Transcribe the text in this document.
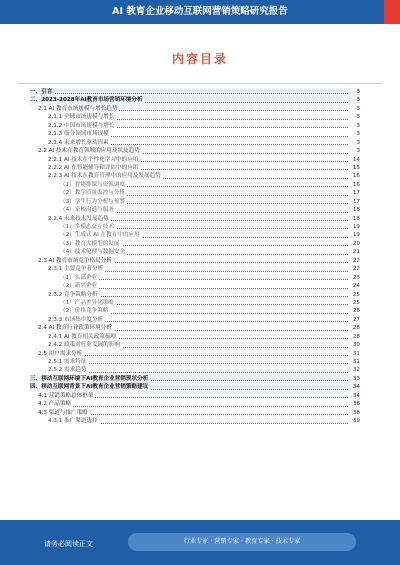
AI 教育企业移动互联网营销策略研究报告
内容目录
一、引言	3
二、2023-2028年AI教育市场营销环境分析	3
2.1 AI 教育市场规模与增长趋势	3
2.1.1 全球市场规模与增长	3
2.1.2 中国市场规模与增长	3
2.1.3 细分领域市场规模	3
2.1.4 未来增长驱动因素	3
2.2 AI 技术在教育领域的应用现状及趋势	3
2.2.1 AI 技术在个性化学习中的应用	14
2.2.2 AI 在智能辅导和评估中的应用	15
2.2.3 AI 技术在教育管理中的应用及发展趋势	16
（1）智能排课与资源调度	16
（2）教学质量监控与分析	17
（3）学生行为分析与预警	17
（4）家校沟通与服务	18
2.2.4 未来技术发展趋势	18
（1）多模态交互技术	19
（2）生成式 AI 在教育中的应用	19
（3）教育大模型的发展	20
（4）技术伦理与数据安全	21
2.3 AI 教育市场竞争格局分析	22
2.3.1 主要竞争者分析	22
（1）头部企业	23
（2）新兴企业	24
2.3.2 竞争策略分析	25
（1）产品差异化策略	25
（2）价格竞争策略	26
2.3.3 市场集中度分析	27
2.4 AI 教育行业政策环境分析	28
2.4.1 AI 教育相关政策梳理	28
2.4.2 政策对行业发展的影响	30
2.5 用户需求分析	31
2.5.1 需求特征	31
2.5.2 需求趋势	32
三、移动互联网环境下AI教育企业营销现状分析	33
四、移动互联网背景下AI教育企业营销策略建议	34
4.1 营销策略总体框架	34
4.2 产品策略	36
4.3 渠道与推广策略	38
4.3.1 推广渠道选择	39
请务必阅读正文	行业专家 · 营销专家 · 教育专家 · 技术专家
